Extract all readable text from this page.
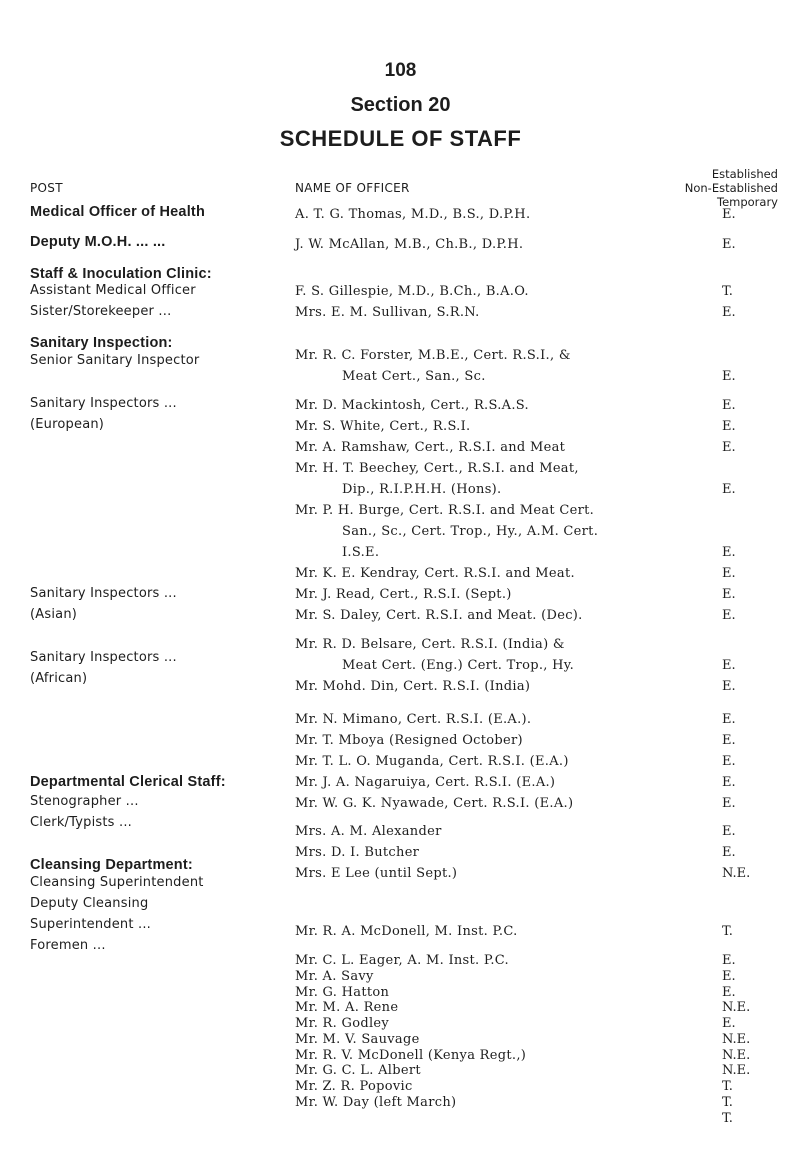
108
Section 20
SCHEDULE OF STAFF
POST	NAME OF OFFICER
Established
Non-Established
Temporary
Medical Officer of Health
Deputy M.O.H. ... ...
Staff & Inoculation Clinic:
Assistant Medical Officer
Sister/Storekeeper ...
Sanitary Inspection:
Senior Sanitary Inspector
Sanitary Inspectors ...
(European)
Sanitary Inspectors ...
(Asian)
Sanitary Inspectors ...
(African)
Departmental Clerical Staff:
Stenographer ...
Clerk/Typists ...
Cleansing Department:
Cleansing Superintendent
Deputy Cleansing
Superintendent ...
Foremen ...
A. T. G. Thomas, M.D., B.S., D.P.H.
J. W. McAllan, M.B., Ch.B., D.P.H.
F. S. Gillespie, M.D., B.Ch., B.A.O.
Mrs. E. M. Sullivan, S.R.N.
Mr. R. C. Forster, M.B.E., Cert. R.S.I., &
Meat Cert., San., Sc.
Mr. D. Mackintosh, Cert., R.S.A.S.
Mr. S. White, Cert., R.S.I.
Mr. A. Ramshaw, Cert., R.S.I. and Meat
Mr. H. T. Beechey, Cert., R.S.I. and Meat,
Dip., R.I.P.H.H. (Hons).
Mr. P. H. Burge, Cert. R.S.I. and Meat Cert.
San., Sc., Cert. Trop., Hy., A.M. Cert.
I.S.E.
Mr. K. E. Kendray, Cert. R.S.I. and Meat.
Mr. J. Read, Cert., R.S.I. (Sept.)
Mr. S. Daley, Cert. R.S.I. and Meat. (Dec).
Mr. R. D. Belsare, Cert. R.S.I. (India) &
Meat Cert. (Eng.) Cert. Trop., Hy.
Mr. Mohd. Din, Cert. R.S.I. (India)
Mr. N. Mimano, Cert. R.S.I. (E.A.).
Mr. T. Mboya (Resigned October)
Mr. T. L. O. Muganda, Cert. R.S.I. (E.A.)
Mr. J. A. Nagaruiya, Cert. R.S.I. (E.A.)
Mr. W. G. K. Nyawade, Cert. R.S.I. (E.A.)
Mrs. A. M. Alexander
Mrs. D. I. Butcher
Mrs. E Lee (until Sept.)
Mr. R. A. McDonell, M. Inst. P.C.
Mr. C. L. Eager, A. M. Inst. P.C.
Mr. A. Savy
Mr. G. Hatton
Mr. M. A. Rene
Mr. R. Godley
Mr. M. V. Sauvage
Mr. R. V. McDonell (Kenya Regt.,)
Mr. G. C. L. Albert
Mr. Z. R. Popovic
Mr. W. Day (left March)
E.
E.
T.
E.
E.
E.
E.
E.
E.
E.
E.
E.
E.
E.
E.
E.
E.
E.
E.
E.
E.
E.
N.E.
T.
E.
E.
E.
N.E.
E.
N.E.
N.E.
N.E.
T.
T.
T.
